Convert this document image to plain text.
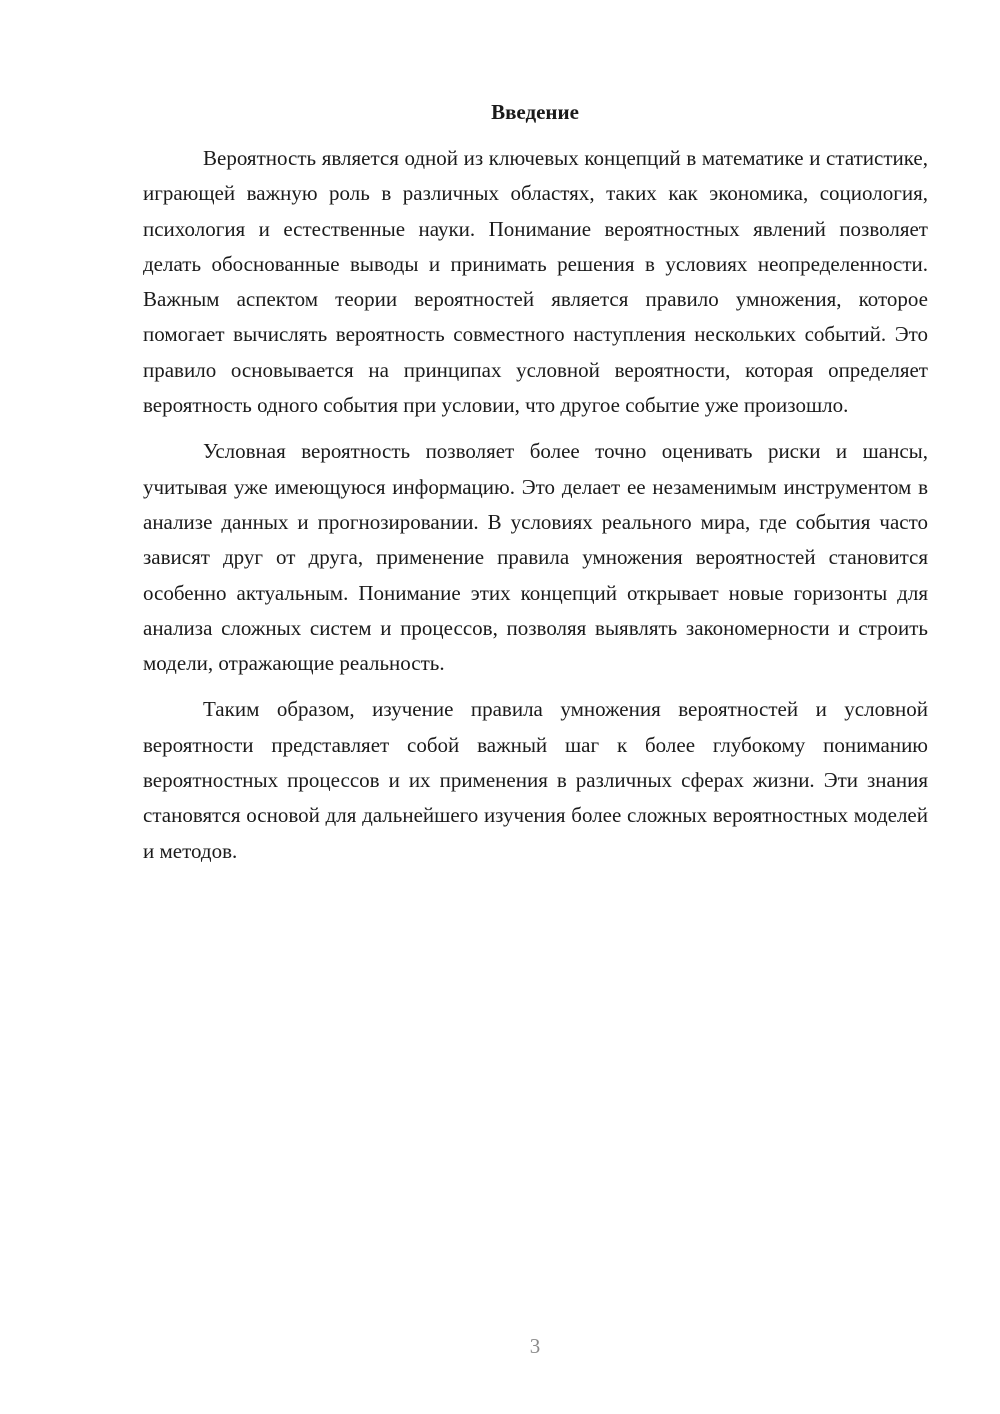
Введение

Вероятность является одной из ключевых концепций в математике и статистике, играющей важную роль в различных областях, таких как экономика, социология, психология и естественные науки. Понимание вероятностных явлений позволяет делать обоснованные выводы и принимать решения в условиях неопределенности. Важным аспектом теории вероятностей является правило умножения, которое помогает вычислять вероятность совместного наступления нескольких событий. Это правило основывается на принципах условной вероятности, которая определяет вероятность одного события при условии, что другое событие уже произошло.

Условная вероятность позволяет более точно оценивать риски и шансы, учитывая уже имеющуюся информацию. Это делает ее незаменимым инструментом в анализе данных и прогнозировании. В условиях реального мира, где события часто зависят друг от друга, применение правила умножения вероятностей становится особенно актуальным. Понимание этих концепций открывает новые горизонты для анализа сложных систем и процессов, позволяя выявлять закономерности и строить модели, отражающие реальность.

Таким образом, изучение правила умножения вероятностей и условной вероятности представляет собой важный шаг к более глубокому пониманию вероятностных процессов и их применения в различных сферах жизни. Эти знания становятся основой для дальнейшего изучения более сложных вероятностных моделей и методов.

3
